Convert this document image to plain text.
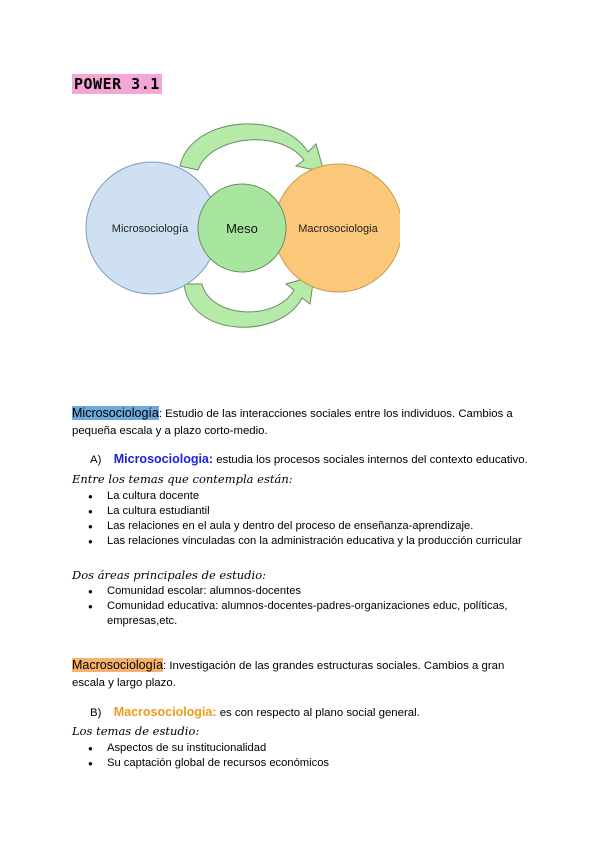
POWER 3.1
Microsociología	Meso	Macrosociologia
Microsociología: Estudio de las interacciones sociales entre los individuos. Cambios a pequeña escala y a plazo corto-medio.
A) Microsociologia: estudia los procesos sociales internos del contexto educativo.
Entre los temas que contempla están:
● La cultura docente
● La cultura estudiantil
● Las relaciones en el aula y dentro del proceso de enseñanza-aprendizaje.
● Las relaciones vinculadas con la administración educativa y la producción curricular
Dos áreas principales de estudio:
● Comunidad escolar: alumnos-docentes
● Comunidad educativa: alumnos-docentes-padres-organizaciones educ, políticas, empresas,etc.
Macrosociología: Investigación de las grandes estructuras sociales. Cambios a gran escala y largo plazo.
B) Macrosociologia: es con respecto al plano social general.
Los temas de estudio:
● Aspectos de su institucionalidad
● Su captación global de recursos económicos
